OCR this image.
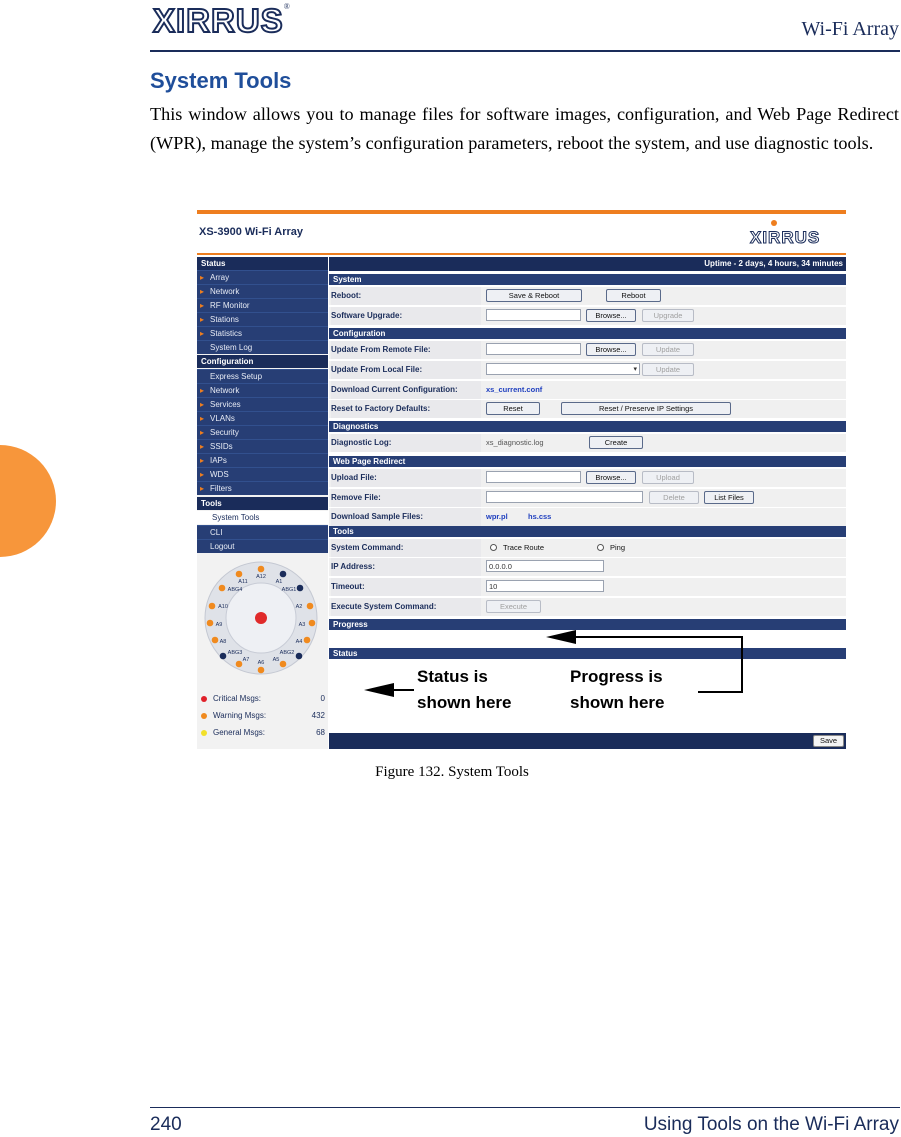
XIRRUS®
Wi-Fi Array
System Tools
This window allows you to manage files for software images, configuration, and Web Page Redirect (WPR), manage the system’s configuration parameters, reboot the system, and use diagnostic tools.
XS-3900 Wi-Fi Array	XIRRUS
Status
▸ Array
▸ Network
▸ RF Monitor
▸ Stations
▸ Statistics
System Log
Configuration
Express Setup
▸ Network
▸ Services
▸ VLANs
▸ Security
▸ SSIDs
▸ IAPs
▸ WDS
▸ Filters
Tools
System Tools
CLI
Logout
A12
A1
A11
ABG1
ABG4
A2
A10
A3
A9
A4
A8
ABG2
ABG3
A5
A7 A6
Critical Msgs:	0
Warning Msgs:	432
General Msgs:	68
Uptime - 2 days, 4 hours, 34 minutes
System
Reboot:	Save & Reboot	Reboot
Software Upgrade:	Browse...	Upgrade
Configuration
Update From Remote File:	Browse...	Update
Update From Local File:	▾	Update
Download Current Configuration:	xs_current.conf
Reset to Factory Defaults:	Reset	Reset / Preserve IP Settings
Diagnostics
Diagnostic Log:	xs_diagnostic.log	Create
Web Page Redirect
Upload File:	Browse...	Upload
Remove File:	Delete	List Files
Download Sample Files:	wpr.pl	hs.css
Tools
System Command:	Trace Route	Ping
IP Address:	0.0.0.0
Timeout:	10
Execute System Command:	Execute
Progress
Status
Save
Status is
shown here
Progress is
shown here
Figure 132. System Tools
240	Using Tools on the Wi-Fi Array
